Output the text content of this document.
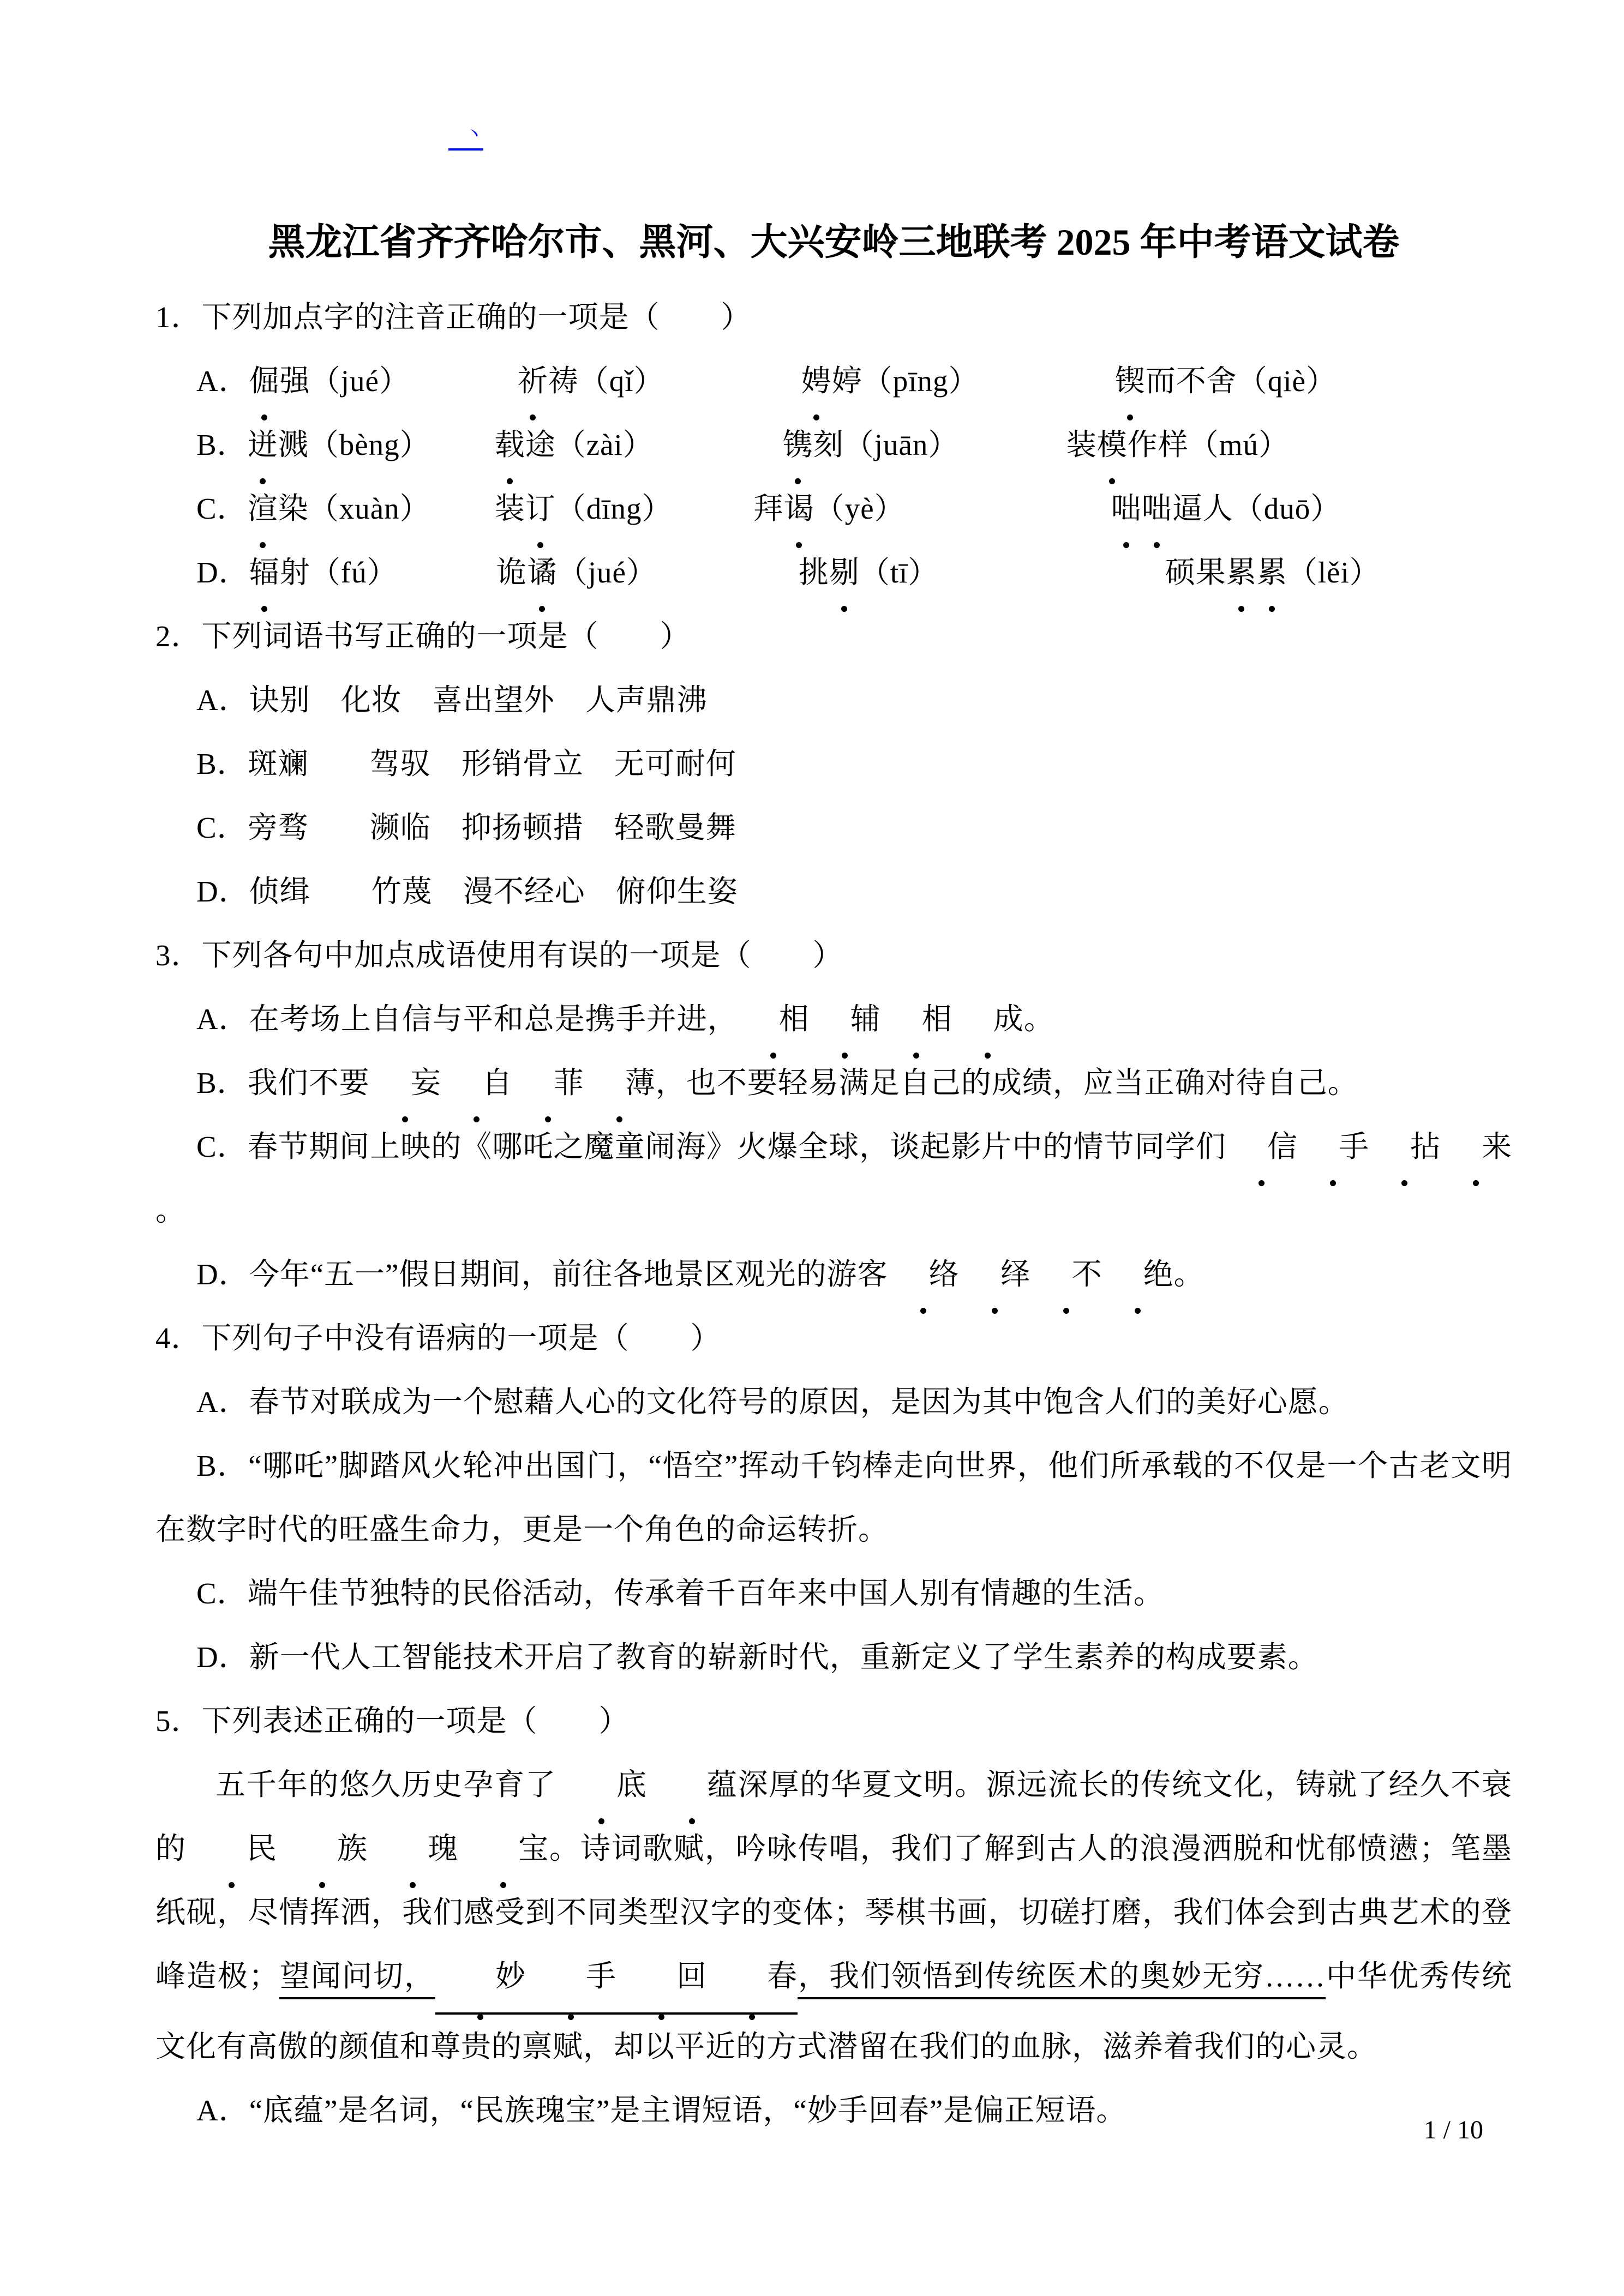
丶
黑龙江省齐齐哈尔市、黑河、大兴安岭三地联考 2025 年中考语文试卷
1．下列加点字的注音正确的一项是（　　）
A． 倔强（jué）	祈祷（qǐ）	娉婷（pīng）	锲而不舍（qiè）
B． 迸溅（bèng）	载途（zài）	镌刻（juān）	装模作样（mú）
C． 渲染（xuàn）	装订（dīng）	拜谒（yè）	咄咄逼人（duō）
D． 辐射（fú）	诡谲（jué）	挑剔（tī）	硕果累累（lěi）
2．下列词语书写正确的一项是（　　）
A．诀别　化妆　喜出望外　人声鼎沸
B．斑斓　　驾驭　形销骨立　无可耐何
C．旁骛　　濒临　抑扬顿措　轻歌曼舞
D．侦缉　　竹蔑　漫不经心　俯仰生姿
3．下列各句中加点成语使用有误的一项是（　　）
A．在考场上自信与平和总是携手并进， 相 辅 相 成。
B．我们不要 妄 自 菲 薄，也不要轻易满足自己的成绩，应当正确对待自己。
C．春节期间上映的《哪吒之魔童闹海》火爆全球，谈起影片中的情节同学们 信 手 拈 来。
D．今年“五一”假日期间，前往各地景区观光的游客 络 绎 不 绝。
4．下列句子中没有语病的一项是（　　）
A．春节对联成为一个慰藉人心的文化符号的原因，是因为其中饱含人们的美好心愿。
B．“哪吒”脚踏风火轮冲出国门，“悟空”挥动千钧棒走向世界，他们所承载的不仅是一个古老文明在数字时代的旺盛生命力，更是一个角色的命运转折。
C．端午佳节独特的民俗活动，传承着千百年来中国人别有情趣的生活。
D．新一代人工智能技术开启了教育的崭新时代，重新定义了学生素养的构成要素。
5．下列表述正确的一项是（　　）
五千年的悠久历史孕育了 底 蕴深厚的华夏文明。源远流长的传统文化，铸就了经久不衰的 民 族 瑰 宝。诗词歌赋，吟咏传唱，我们了解到古人的浪漫洒脱和忧郁愤懑；笔墨纸砚，尽情挥洒，我们感受到不同类型汉字的变体；琴棋书画，切磋打磨，我们体会到古典艺术的登峰造极；望闻问切， 妙 手 回 春，我们领悟到传统医术的奥妙无穷……中华优秀传统文化有高傲的颜值和尊贵的禀赋，却以平近的方式潜留在我们的血脉，滋养着我们的心灵。
A．“底蕴”是名词，“民族瑰宝”是主谓短语，“妙手回春”是偏正短语。
1 / 10
